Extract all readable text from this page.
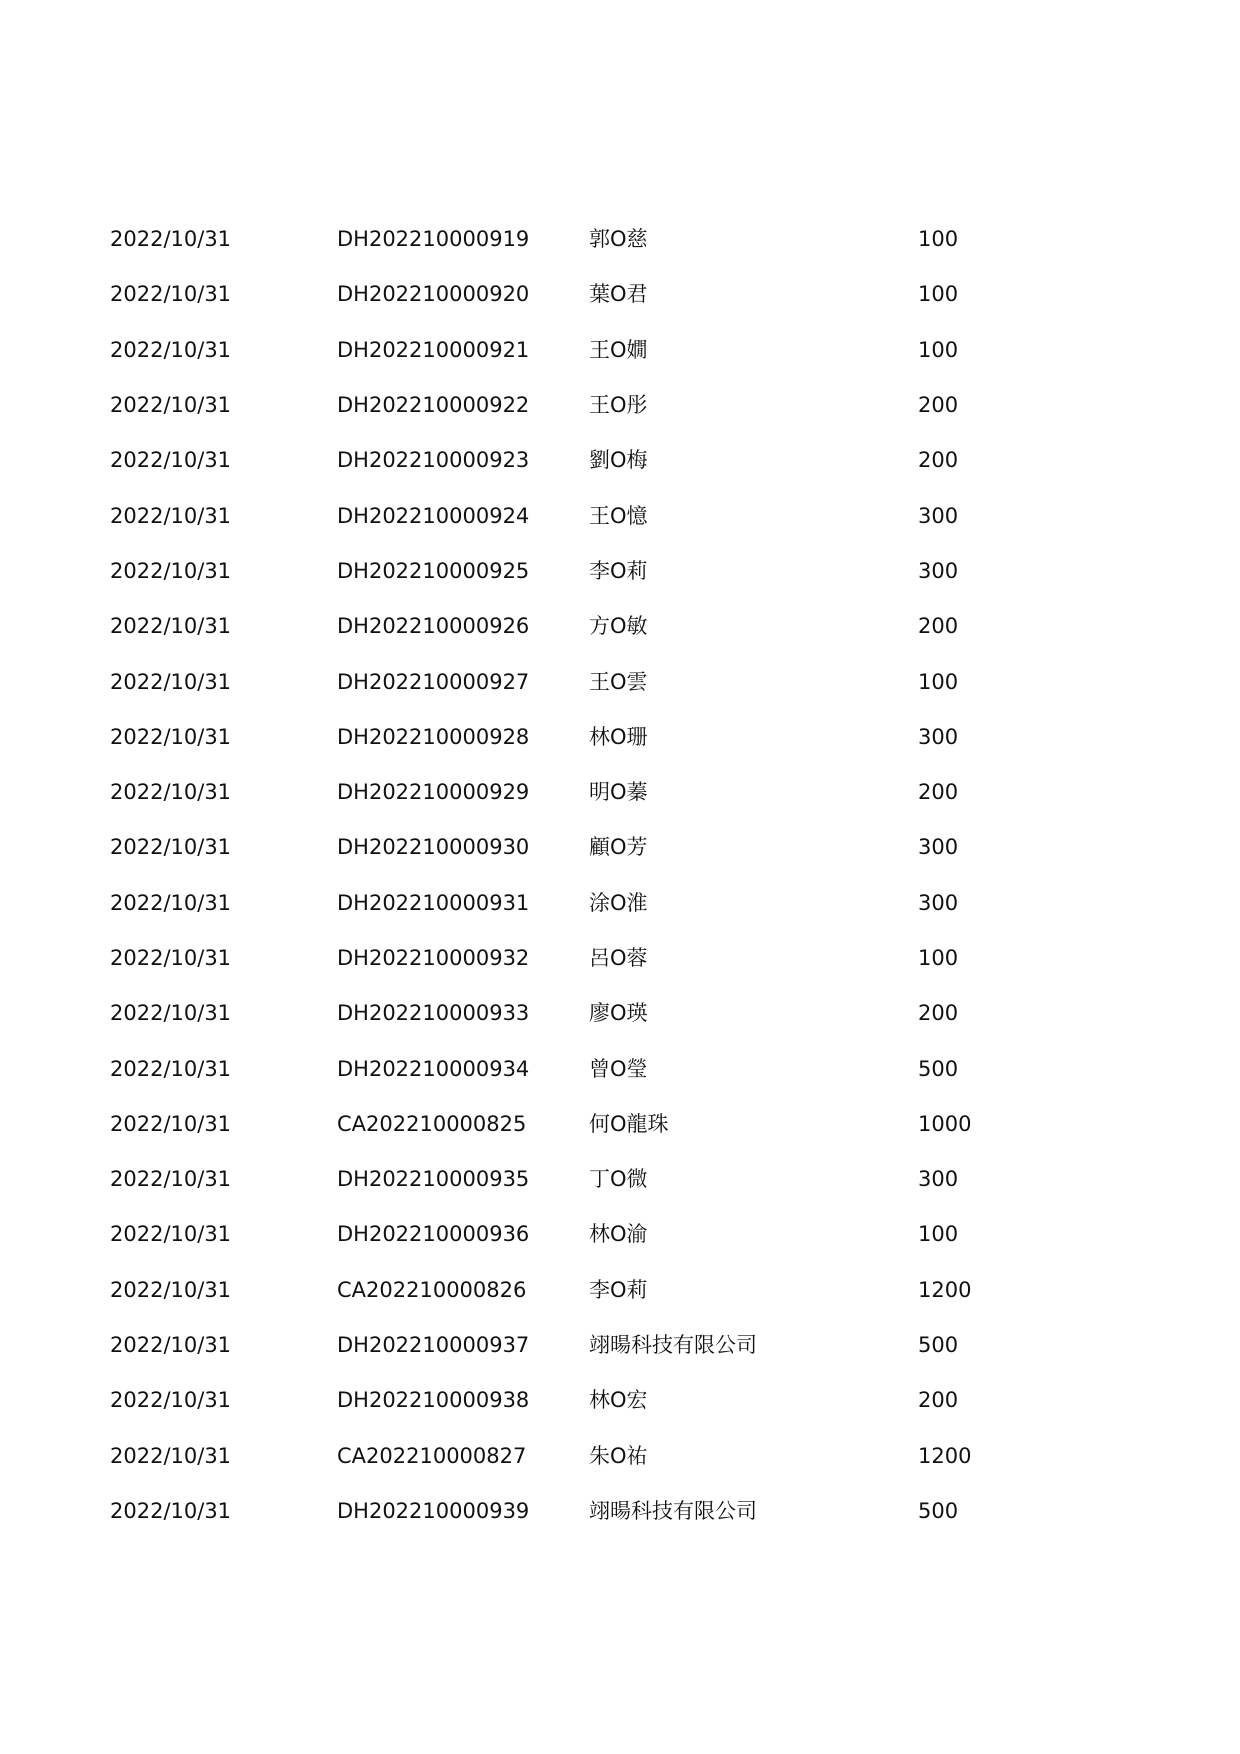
2022/10/31	DH202210000919	郭O慈	100
2022/10/31	DH202210000920	葉O君	100
2022/10/31	DH202210000921	王O嫺	100
2022/10/31	DH202210000922	王O彤	200
2022/10/31	DH202210000923	劉O梅	200
2022/10/31	DH202210000924	王O憶	300
2022/10/31	DH202210000925	李O莉	300
2022/10/31	DH202210000926	方O敏	200
2022/10/31	DH202210000927	王O雲	100
2022/10/31	DH202210000928	林O珊	300
2022/10/31	DH202210000929	明O蓁	200
2022/10/31	DH202210000930	顧O芳	300
2022/10/31	DH202210000931	涂O淮	300
2022/10/31	DH202210000932	呂O蓉	100
2022/10/31	DH202210000933	廖O瑛	200
2022/10/31	DH202210000934	曾O瑩	500
2022/10/31	CA202210000825	何O龍珠	1000
2022/10/31	DH202210000935	丁O微	300
2022/10/31	DH202210000936	林O渝	100
2022/10/31	CA202210000826	李O莉	1200
2022/10/31	DH202210000937	翊暘科技有限公司	500
2022/10/31	DH202210000938	林O宏	200
2022/10/31	CA202210000827	朱O祐	1200
2022/10/31	DH202210000939	翊暘科技有限公司	500
